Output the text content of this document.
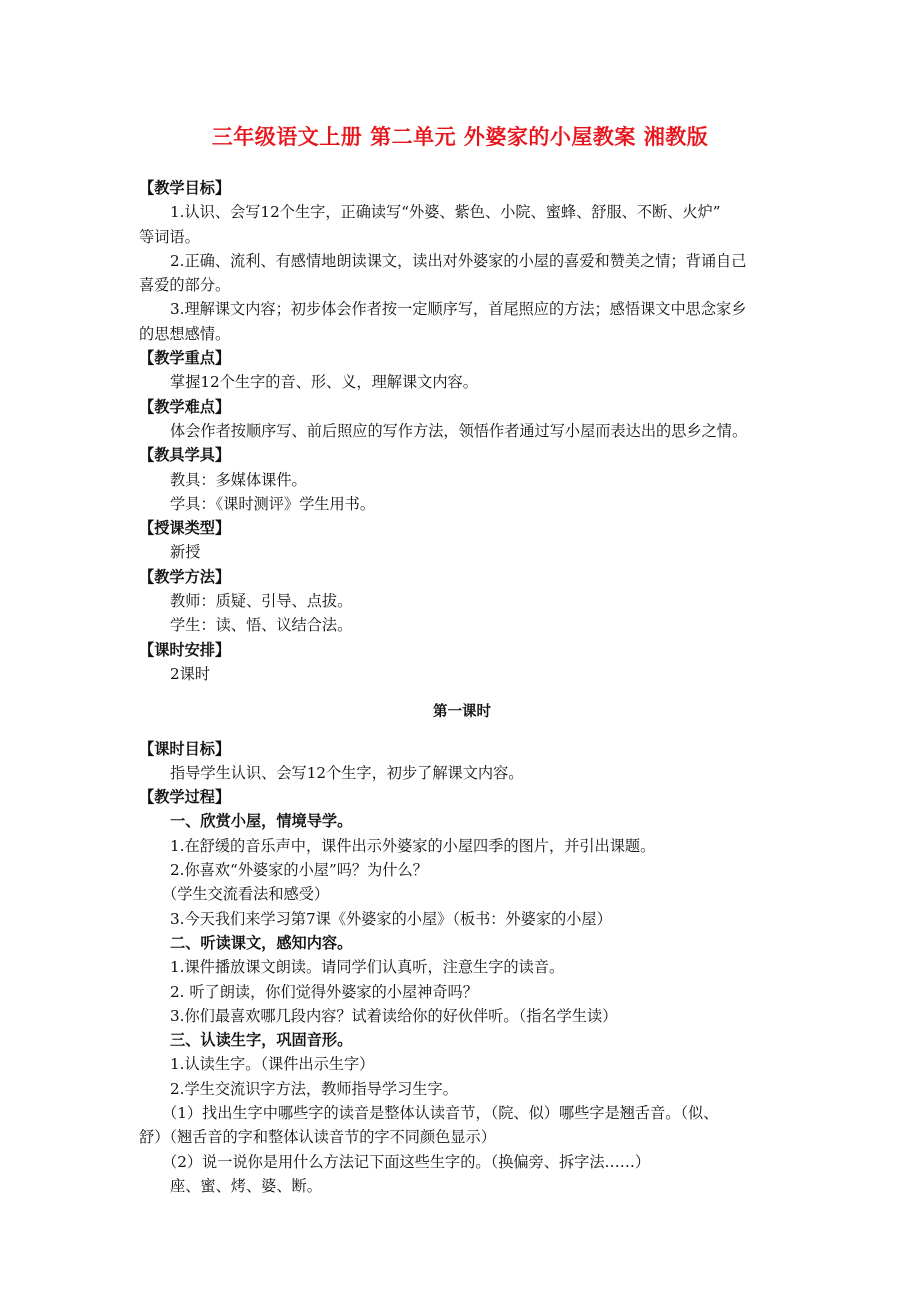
三年级语文上册 第二单元 外婆家的小屋教案 湘教版

【教学目标】

1.认识、会写12个生字，正确读写“外婆、紫色、小院、蜜蜂、舒服、不断、火炉”

等词语。

2.正确、流利、有感情地朗读课文，读出对外婆家的小屋的喜爱和赞美之情；背诵自己

喜爱的部分。

3.理解课文内容；初步体会作者按一定顺序写，首尾照应的方法；感悟课文中思念家乡

的思想感情。

【教学重点】

掌握12个生字的音、形、义，理解课文内容。

【教学难点】

体会作者按顺序写、前后照应的写作方法，领悟作者通过写小屋而表达出的思乡之情。

【教具学具】

教具：多媒体课件。

学具：《课时测评》学生用书。

【授课类型】

新授

【教学方法】

教师：质疑、引导、点拔。

学生：读、悟、议结合法。

【课时安排】

2课时

第一课时

【课时目标】

指导学生认识、会写12个生字，初步了解课文内容。

【教学过程】

一、欣赏小屋，情境导学。

1.在舒缓的音乐声中，课件出示外婆家的小屋四季的图片，并引出课题。

2.你喜欢“外婆家的小屋”吗？为什么？

（学生交流看法和感受）

3.今天我们来学习第7课《外婆家的小屋》（板书：外婆家的小屋）

二、听读课文，感知内容。

1.课件播放课文朗读。请同学们认真听，注意生字的读音。

2. 听了朗读，你们觉得外婆家的小屋神奇吗？

3.你们最喜欢哪几段内容？试着读给你的好伙伴听。（指名学生读）

三、认读生字，巩固音形。

1.认读生字。（课件出示生字）

2.学生交流识字方法，教师指导学习生字。

（1）找出生字中哪些字的读音是整体认读音节，（院、似）哪些字是翘舌音。（似、

舒）（翘舌音的字和整体认读音节的字不同颜色显示）

（2）说一说你是用什么方法记下面这些生字的。（换偏旁、拆字法……）

座、蜜、烤、婆、断。
